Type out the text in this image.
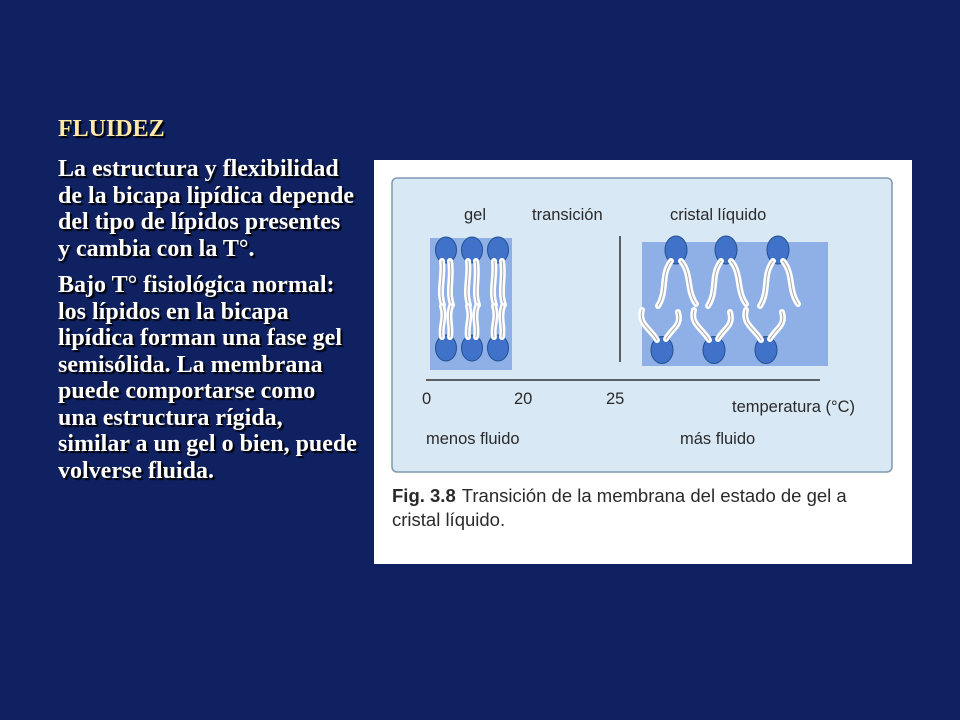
FLUIDEZ

La estructura y flexibilidad de la bicapa lipídica depende del tipo de lípidos presentes y cambia con la T°.

Bajo T° fisiológica normal: los lípidos en la bicapa lipídica forman una fase gel semisólida. La membrana puede comportarse como una estructura rígida, similar a un gel o bien, puede volverse fluida.

gel	transición	cristal líquido
0	20	25	temperatura (°C)
menos fluido	más fluido
Fig. 3.8 Transición de la membrana del estado de gel a cristal líquido.
